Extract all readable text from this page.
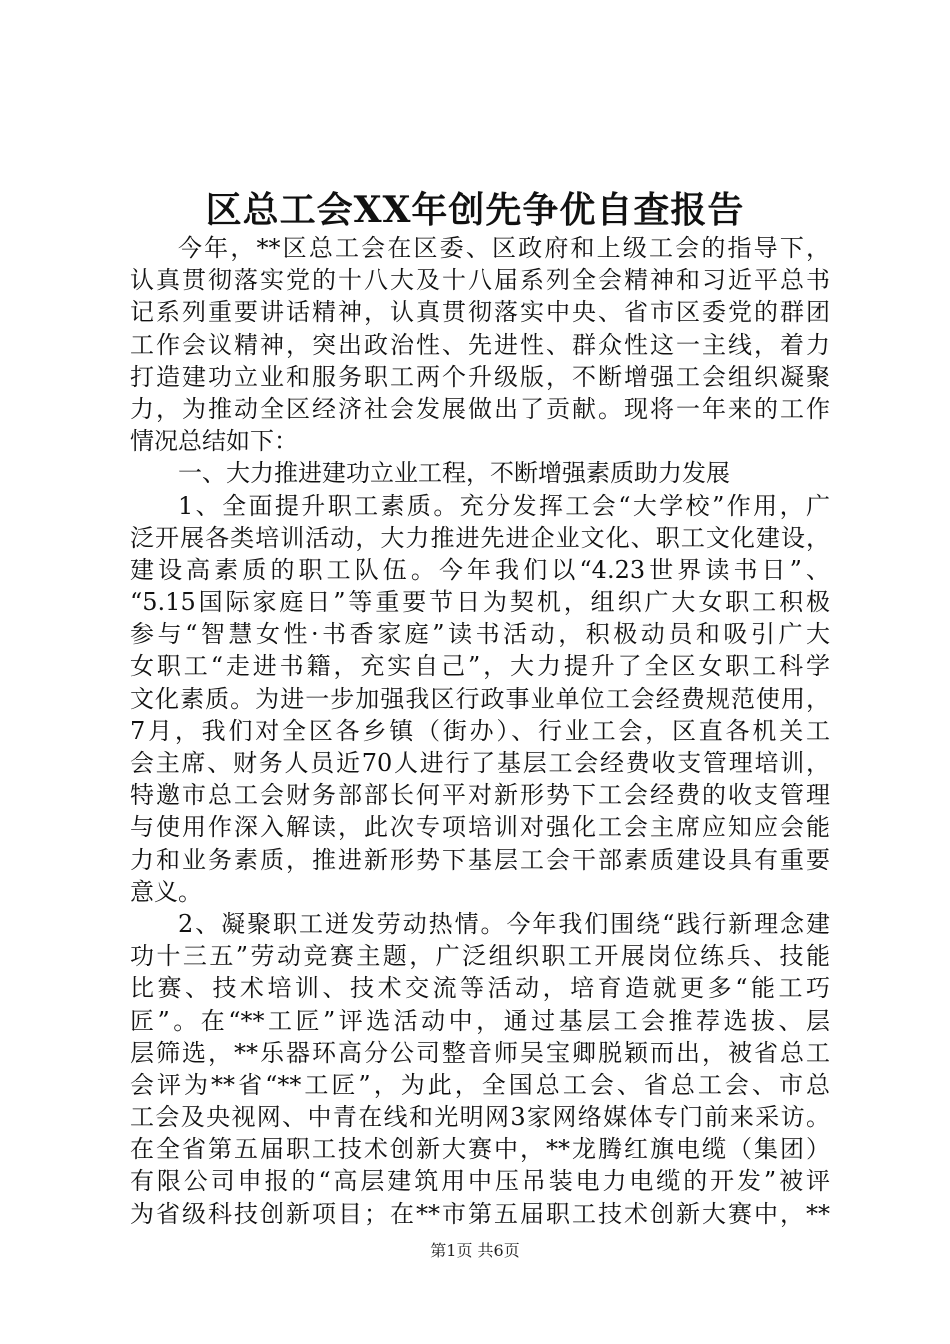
区总工会XX年创先争优自查报告
今年，**区总工会在区委、区政府和上级工会的指导下，
认真贯彻落实党的十八大及十八届系列全会精神和习近平总书
记系列重要讲话精神，认真贯彻落实中央、省市区委党的群团
工作会议精神，突出政治性、先进性、群众性这一主线，着力
打造建功立业和服务职工两个升级版，不断增强工会组织凝聚
力，为推动全区经济社会发展做出了贡献。现将一年来的工作
情况总结如下：
一、大力推进建功立业工程，不断增强素质助力发展
1、全面提升职工素质。充分发挥工会“大学校”作用，广
泛开展各类培训活动，大力推进先进企业文化、职工文化建设，
建设高素质的职工队伍。今年我们以“4.23世界读书日”、
“5.15国际家庭日”等重要节日为契机，组织广大女职工积极
参与“智慧女性·书香家庭”读书活动，积极动员和吸引广大
女职工“走进书籍，充实自己”，大力提升了全区女职工科学
文化素质。为进一步加强我区行政事业单位工会经费规范使用，
7月，我们对全区各乡镇（街办）、行业工会，区直各机关工
会主席、财务人员近70人进行了基层工会经费收支管理培训，
特邀市总工会财务部部长何平对新形势下工会经费的收支管理
与使用作深入解读，此次专项培训对强化工会主席应知应会能
力和业务素质，推进新形势下基层工会干部素质建设具有重要
意义。
2、凝聚职工迸发劳动热情。今年我们围绕“践行新理念建
功十三五”劳动竞赛主题，广泛组织职工开展岗位练兵、技能
比赛、技术培训、技术交流等活动，培育造就更多“能工巧
匠”。在“**工匠”评选活动中，通过基层工会推荐选拔、层
层筛选，**乐器环高分公司整音师吴宝卿脱颖而出，被省总工
会评为**省“**工匠”，为此，全国总工会、省总工会、市总
工会及央视网、中青在线和光明网3家网络媒体专门前来采访。
在全省第五届职工技术创新大赛中，**龙腾红旗电缆（集团）
有限公司申报的“高层建筑用中压吊装电力电缆的开发”被评
为省级科技创新项目；在**市第五届职工技术创新大赛中，**
第1页 共6页
